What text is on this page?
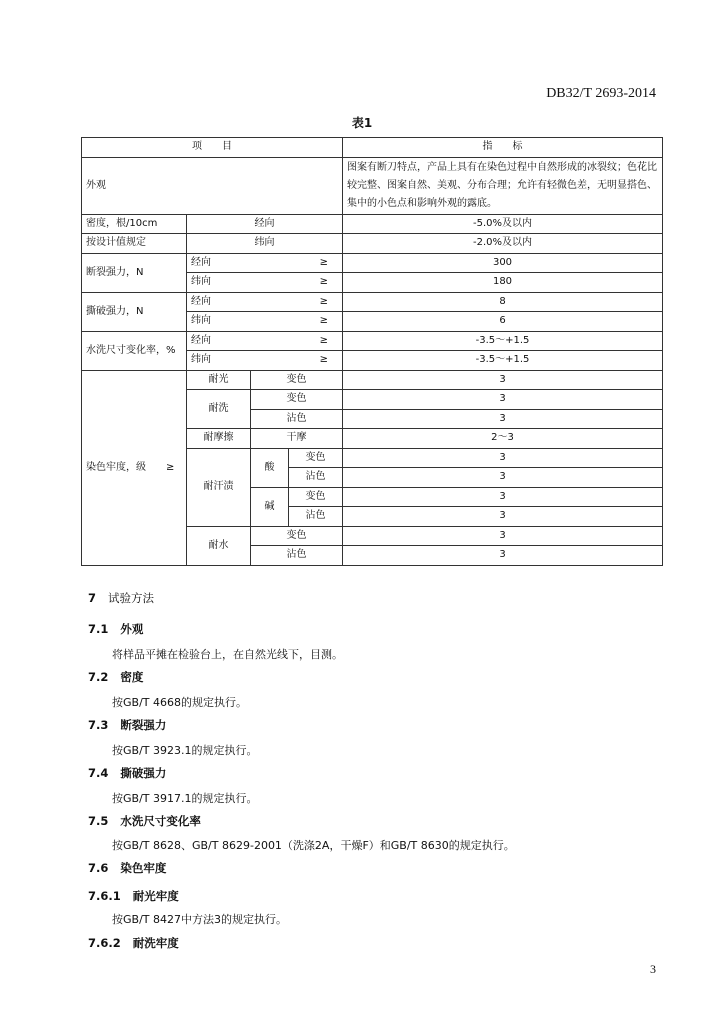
DB32/T 2693-2014
表1
项　　目				指　　标
外观				图案有断刀特点，产品上具有在染色过程中自然形成的冰裂纹；色花比较完整、图案自然、美观、分布合理；允许有轻微色差，无明显搭色、集中的小色点和影响外观的露底。
密度，根/10cm	经向			-5.0%及以内
按设计值规定	纬向			-2.0%及以内
断裂强力，N	经向 ≥			300
	纬向 ≥			180
撕破强力，N	经向 ≥			8
	纬向 ≥			6
水洗尺寸变化率，%	经向 ≥			-3.5～+1.5
	纬向 ≥			-3.5～+1.5
染色牢度，级　　≥	耐光	变色		3
	耐洗	变色		3
		沾色		3
	耐摩擦	干摩		2～3
	耐汗渍	酸	变色	3
			沾色	3
		碱	变色	3
			沾色	3
	耐水	变色		3
		沾色		3
7 试验方法
7.1 外观
将样品平摊在检验台上，在自然光线下，目测。
7.2 密度
按GB/T 4668的规定执行。
7.3 断裂强力
按GB/T 3923.1的规定执行。
7.4 撕破强力
按GB/T 3917.1的规定执行。
7.5 水洗尺寸变化率
按GB/T 8628、GB/T 8629-2001（洗涤2A，干燥F）和GB/T 8630的规定执行。
7.6 染色牢度
7.6.1 耐光牢度
按GB/T 8427中方法3的规定执行。
7.6.2 耐洗牢度
3
